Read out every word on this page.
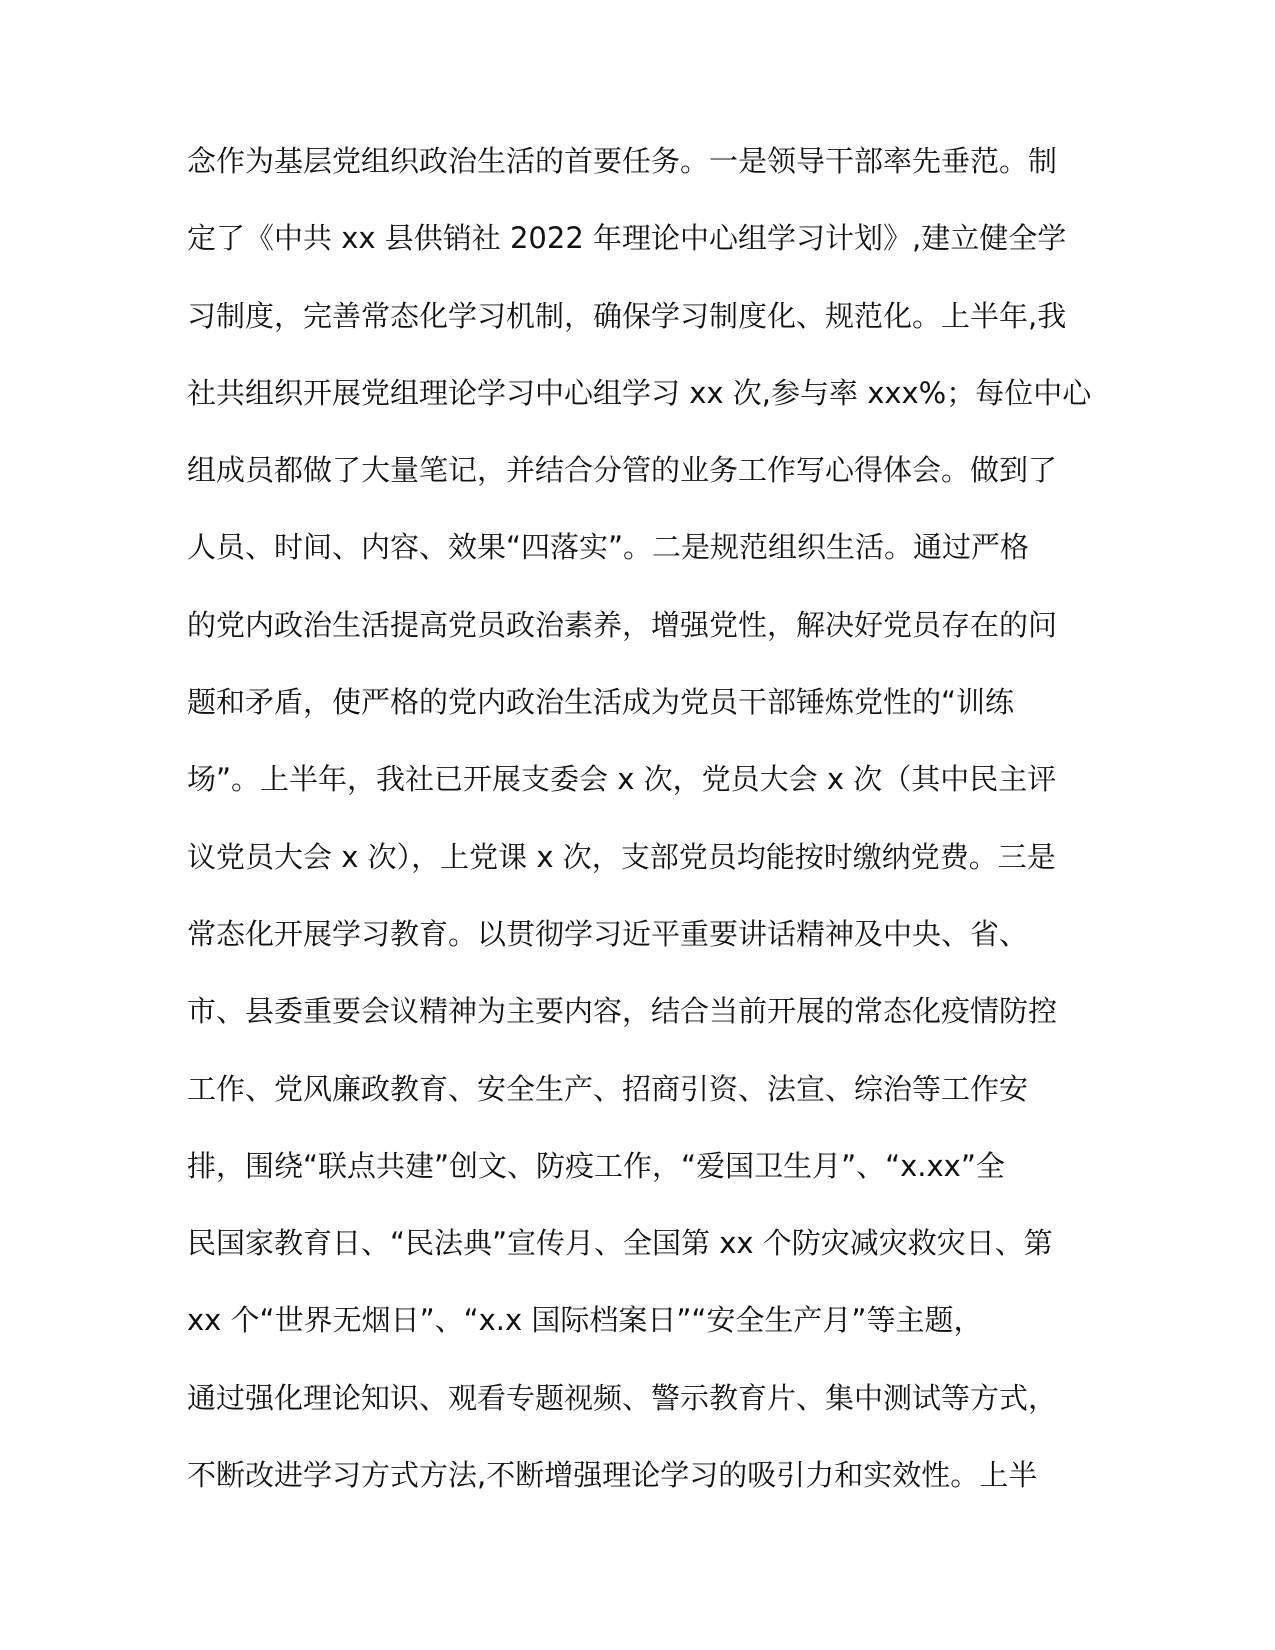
念作为基层党组织政治生活的首要任务。一是领导干部率先垂范。制
定了《中共 xx 县供销社 2022 年理论中心组学习计划》,建立健全学
习制度，完善常态化学习机制，确保学习制度化、规范化。上半年,我
社共组织开展党组理论学习中心组学习 xx 次,参与率 xxx%；每位中心
组成员都做了大量笔记，并结合分管的业务工作写心得体会。做到了
人员、时间、内容、效果“四落实”。二是规范组织生活。通过严格
的党内政治生活提高党员政治素养，增强党性，解决好党员存在的问
题和矛盾，使严格的党内政治生活成为党员干部锤炼党性的“训练
场”。上半年，我社已开展支委会 x 次，党员大会 x 次（其中民主评
议党员大会 x 次），上党课 x 次，支部党员均能按时缴纳党费。三是
常态化开展学习教育。以贯彻学习近平重要讲话精神及中央、省、
市、县委重要会议精神为主要内容，结合当前开展的常态化疫情防控
工作、党风廉政教育、安全生产、招商引资、法宣、综治等工作安
排，围绕“联点共建”创文、防疫工作，“爱国卫生月”、“x.xx”全
民国家教育日、“民法典”宣传月、全国第 xx 个防灾减灾救灾日、第
xx 个“世界无烟日”、“x.x 国际档案日”“安全生产月”等主题，
通过强化理论知识、观看专题视频、警示教育片、集中测试等方式，
不断改进学习方式方法,不断增强理论学习的吸引力和实效性。上半
